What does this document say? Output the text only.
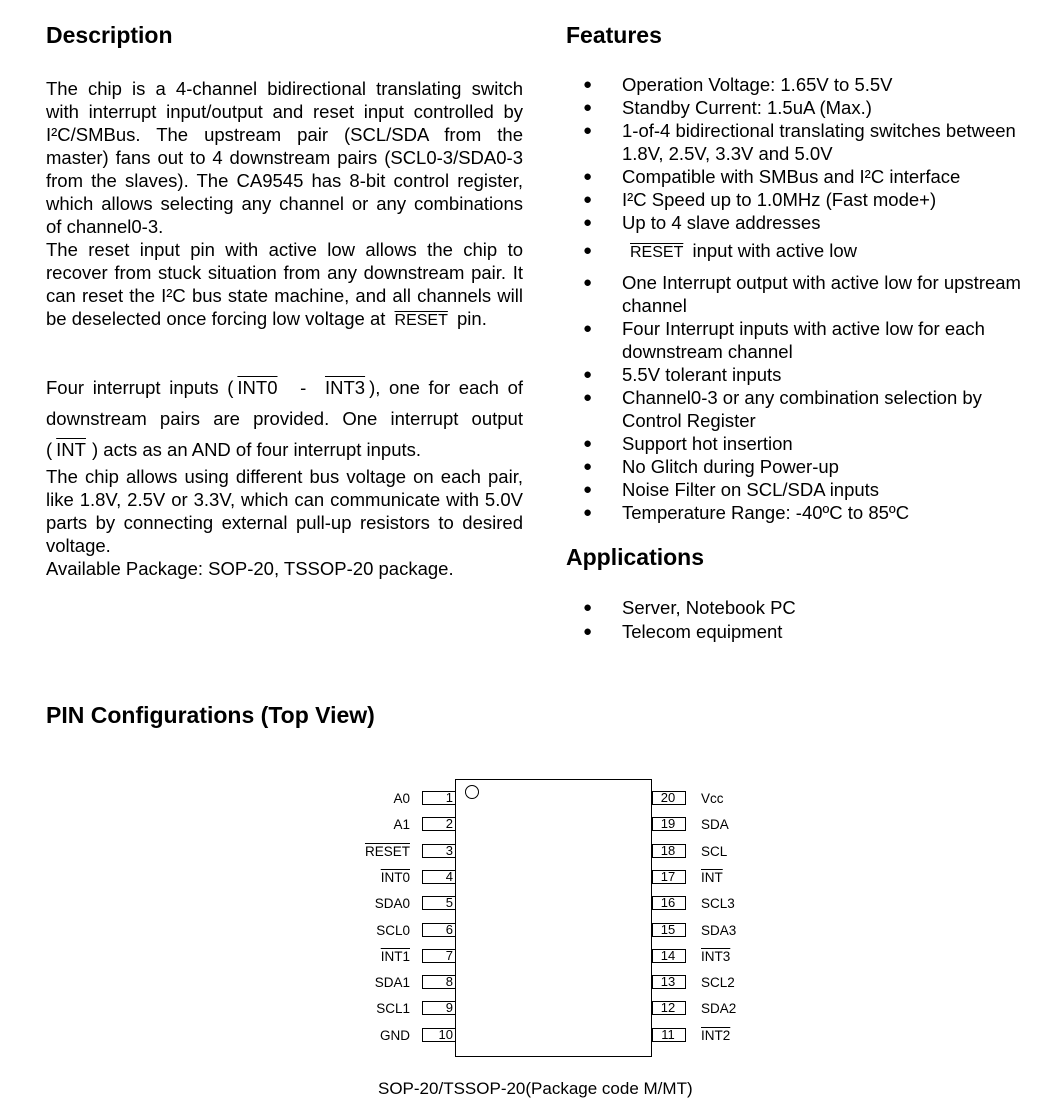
Description

The chip is a 4-channel bidirectional translating switch with interrupt input/output and reset input controlled by I²C/SMBus. The upstream pair (SCL/SDA from the master) fans out to 4 downstream pairs (SCL0-3/SDA0-3 from the slaves). The CA9545 has 8-bit control register, which allows selecting any channel or any combinations of channel0-3.

The reset input pin with active low allows the chip to recover from stuck situation from any downstream pair. It can reset the I²C bus state machine, and all channels will be deselected once forcing low voltage at RESET pin.

Four interrupt inputs ( INT0 - INT3 ), one for each of downstream pairs are provided. One interrupt output ( $\overline{INT}$ ) acts as an AND of four interrupt inputs.

The chip allows using different bus voltage on each pair, like 1.8V, 2.5V or 3.3V, which can communicate with 5.0V parts by connecting external pull-up resistors to desired voltage.

Available Package: SOP-20, TSSOP-20 package.

Features
● Operation Voltage: 1.65V to 5.5V
● Standby Current: 1.5uA (Max.)
● 1-of-4 bidirectional translating switches between 1.8V, 2.5V, 3.3V and 5.0V
● Compatible with SMBus and I²C interface
● I²C Speed up to 1.0MHz (Fast mode+)
● Up to 4 slave addresses
● RESET input with active low
● One Interrupt output with active low for upstream channel
● Four Interrupt inputs with active low for each downstream channel
● 5.5V tolerant inputs
● Channel0-3 or any combination selection by Control Register
● Support hot insertion
● No Glitch during Power-up
● Noise Filter on SCL/SDA inputs
● Temperature Range: -40ºC to 85ºC
Applications
● Server, Notebook PC
● Telecom equipment
PIN Configurations (Top View)
1
A0
2
A1
3
RESET
4
INT0
5
SDA0
6
SCL0
7
INT1
8
SDA1
9
SCL1
10
GND
20	Vcc
19	SDA
18	SCL
17	$\overline{INT}$
16	SCL3
15	SDA3
14	INT3
13	SCL2
12	SDA2
11	INT2
SOP-20/TSSOP-20(Package code M/MT)
